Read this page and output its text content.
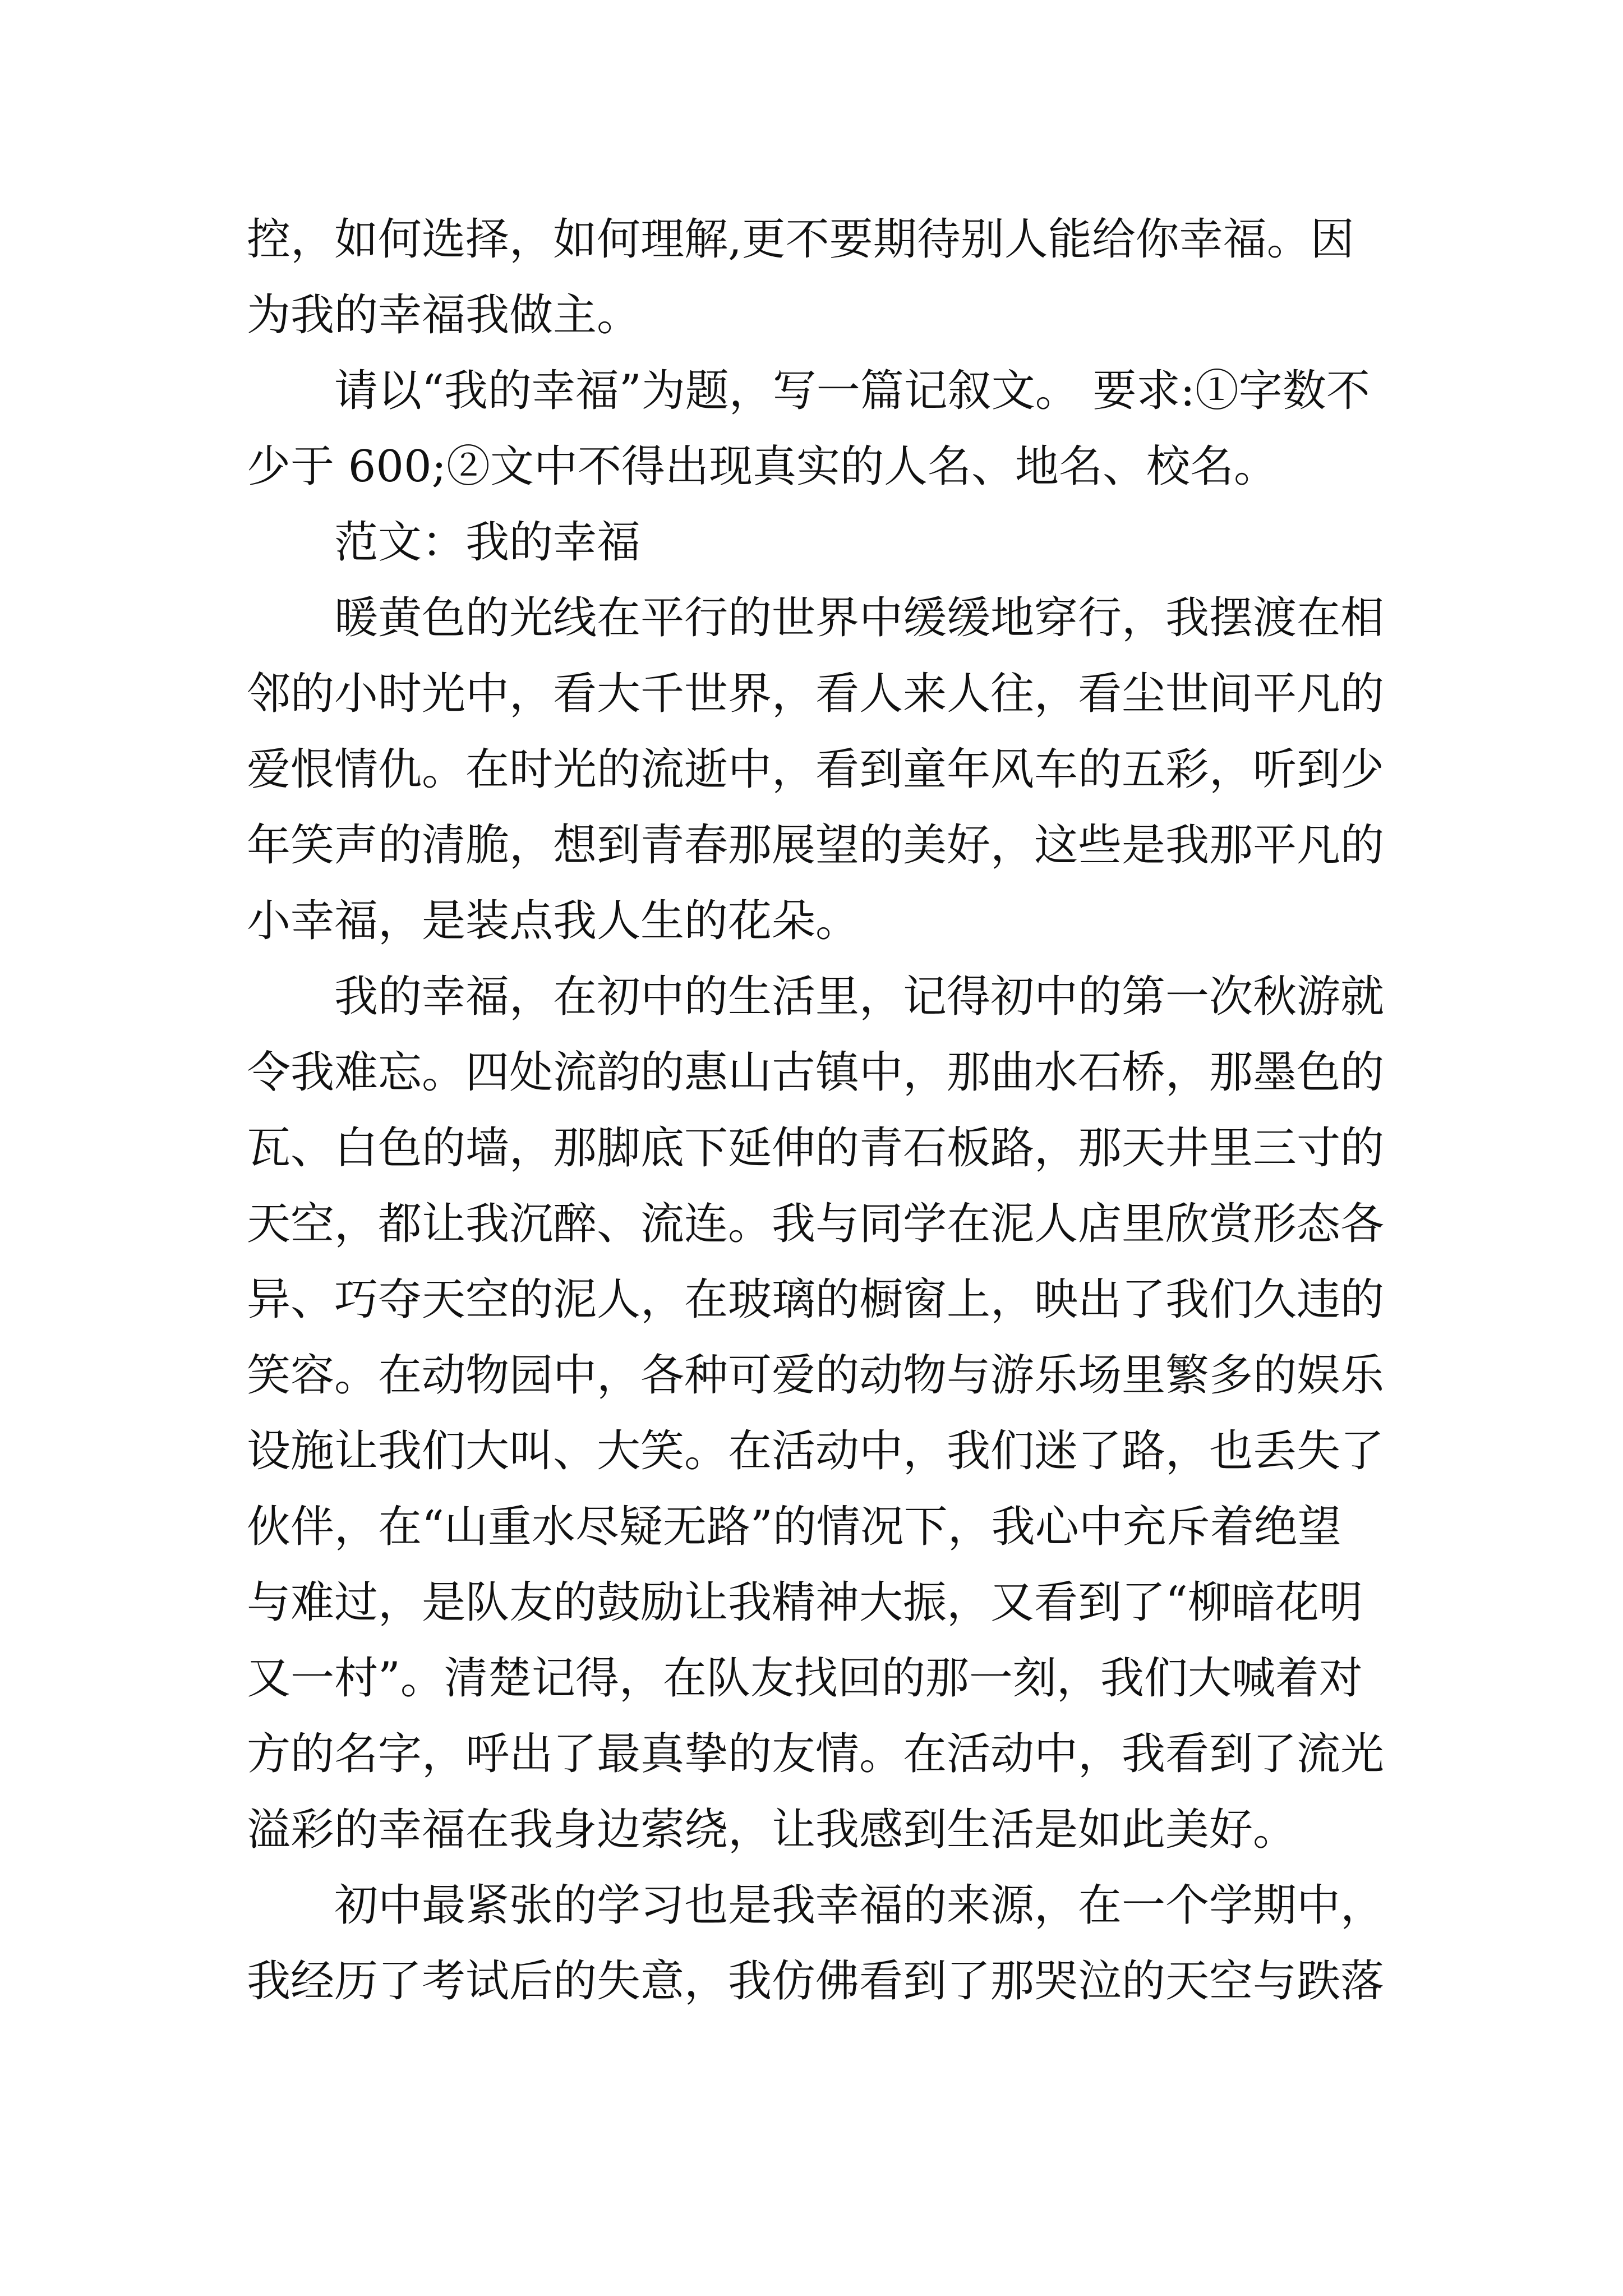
控，如何选择，如何理解,更不要期待别人能给你幸福。因
为我的幸福我做主。
请以“我的幸福”为题，写一篇记叙文。 要求:①字数不
少于 600;②文中不得出现真实的人名、地名、校名。
范文：我的幸福
暖黄色的光线在平行的世界中缓缓地穿行，我摆渡在相
邻的小时光中，看大千世界，看人来人往，看尘世间平凡的
爱恨情仇。在时光的流逝中，看到童年风车的五彩，听到少
年笑声的清脆，想到青春那展望的美好，这些是我那平凡的
小幸福，是装点我人生的花朵。
我的幸福，在初中的生活里，记得初中的第一次秋游就
令我难忘。四处流韵的惠山古镇中，那曲水石桥，那墨色的
瓦、白色的墙，那脚底下延伸的青石板路，那天井里三寸的
天空，都让我沉醉、流连。我与同学在泥人店里欣赏形态各
异、巧夺天空的泥人，在玻璃的橱窗上，映出了我们久违的
笑容。在动物园中，各种可爱的动物与游乐场里繁多的娱乐
设施让我们大叫、大笑。在活动中，我们迷了路，也丢失了
伙伴，在“山重水尽疑无路”的情况下，我心中充斥着绝望
与难过，是队友的鼓励让我精神大振，又看到了“柳暗花明
又一村”。清楚记得，在队友找回的那一刻，我们大喊着对
方的名字，呼出了最真挚的友情。在活动中，我看到了流光
溢彩的幸福在我身边萦绕，让我感到生活是如此美好。
初中最紧张的学习也是我幸福的来源，在一个学期中，
我经历了考试后的失意，我仿佛看到了那哭泣的天空与跌落
